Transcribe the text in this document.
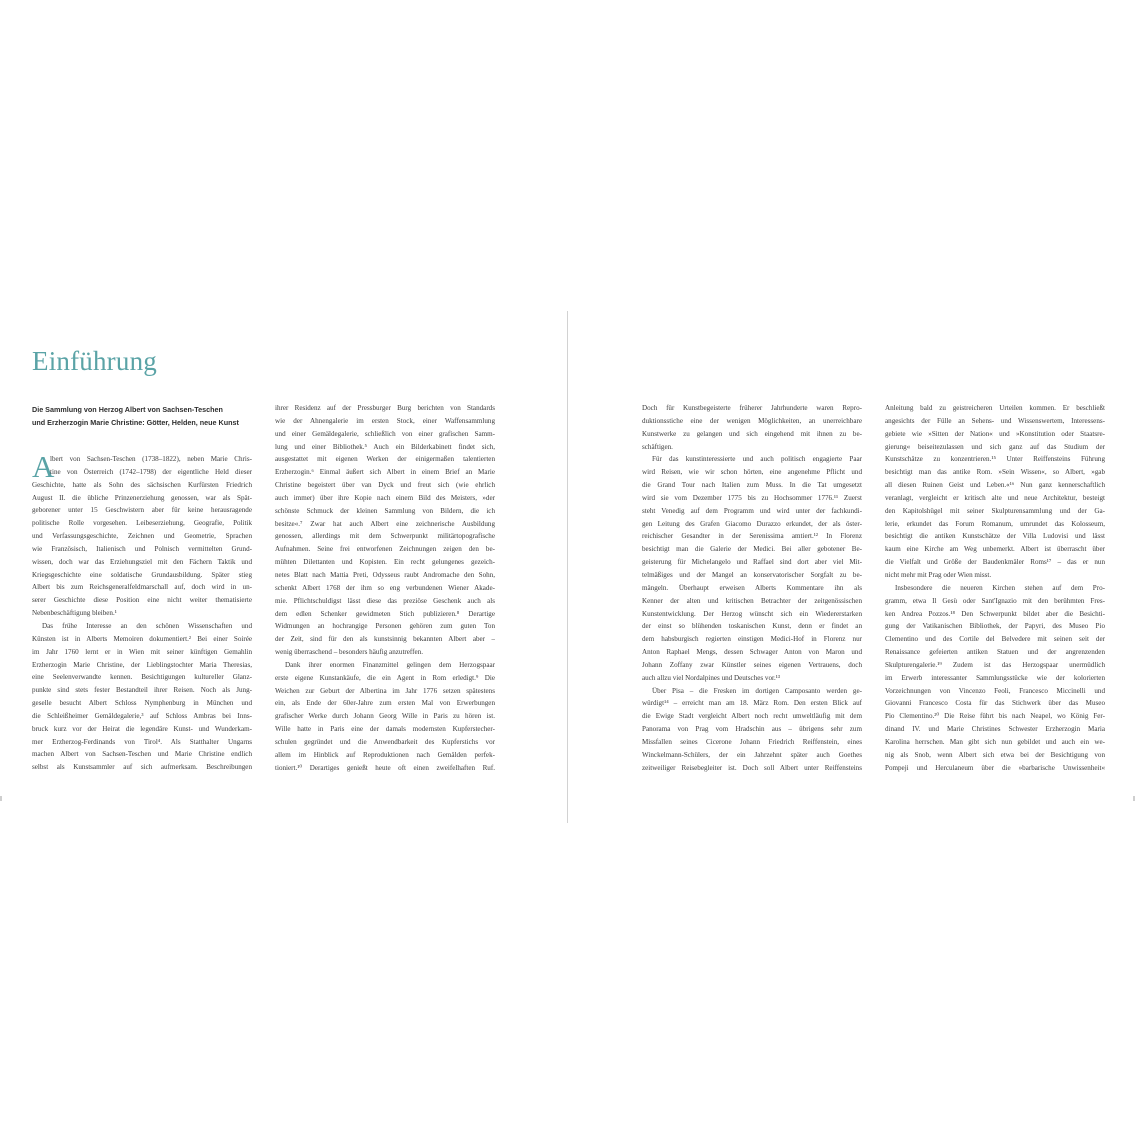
Einführung
Die Sammlung von Herzog Albert von Sachsen-Teschen
und Erzherzogin Marie Christine: Götter, Helden, neue Kunst
A
lbert von Sachsen-Teschen (1738–1822), neben Marie Chris-
tine von Österreich (1742–1798) der eigentliche Held dieser
Geschichte, hatte als Sohn des sächsischen Kurfürsten Friedrich
August II. die übliche Prinzenerziehung genossen, war als Spät-
geborener unter 15 Geschwistern aber für keine herausragende
politische Rolle vorgesehen. Leibeserziehung, Geografie, Politik
und Verfassungsgeschichte, Zeichnen und Geometrie, Sprachen
wie Französisch, Italienisch und Polnisch vermittelten Grund-
wissen, doch war das Erziehungsziel mit den Fächern Taktik und
Kriegsgeschichte eine soldatische Grundausbildung. Später stieg
Albert bis zum Reichsgeneralfeldmarschall auf, doch wird in un-
serer Geschichte diese Position eine nicht weiter thematisierte
Nebenbeschäftigung bleiben.¹
Das frühe Interesse an den schönen Wissenschaften und
Künsten ist in Alberts Memoiren dokumentiert.² Bei einer Soirée
im Jahr 1760 lernt er in Wien mit seiner künftigen Gemahlin
Erzherzogin Marie Christine, der Lieblingstochter Maria Theresias,
eine Seelenverwandte kennen. Besichtigungen kultureller Glanz-
punkte sind stets fester Bestandteil ihrer Reisen. Noch als Jung-
geselle besucht Albert Schloss Nymphenburg in München und
die Schleißheimer Gemäldegalerie,³ auf Schloss Ambras bei Inns-
bruck kurz vor der Heirat die legendäre Kunst- und Wunderkam-
mer Erzherzog-Ferdinands von Tirol⁴. Als Statthalter Ungarns
machen Albert von Sachsen-Teschen und Marie Christine endlich
selbst als Kunstsammler auf sich aufmerksam. Beschreibungen
ihrer Residenz auf der Pressburger Burg berichten von Standards
wie der Ahnengalerie im ersten Stock, einer Waffensammlung
und einer Gemäldegalerie, schließlich von einer grafischen Samm-
lung und einer Bibliothek.⁵ Auch ein Bilderkabinett findet sich,
ausgestattet mit eigenen Werken der einigermaßen talentierten
Erzherzogin.⁶ Einmal äußert sich Albert in einem Brief an Marie
Christine begeistert über van Dyck und freut sich (wie ehrlich
auch immer) über ihre Kopie nach einem Bild des Meisters, »der
schönste Schmuck der kleinen Sammlung von Bildern, die ich
besitze«.⁷ Zwar hat auch Albert eine zeichnerische Ausbildung
genossen, allerdings mit dem Schwerpunkt militärtopografische
Aufnahmen. Seine frei entworfenen Zeichnungen zeigen den be-
mühten Dilettanten und Kopisten. Ein recht gelungenes gezeich-
netes Blatt nach Mattia Preti, Odysseus raubt Andromache den Sohn,
schenkt Albert 1768 der ihm so eng verbundenen Wiener Akade-
mie. Pflichtschuldigst lässt diese das preziöse Geschenk auch als
dem edlen Schenker gewidmeten Stich publizieren.⁸ Derartige
Widmungen an hochrangige Personen gehören zum guten Ton
der Zeit, sind für den als kunstsinnig bekannten Albert aber –
wenig überraschend – besonders häufig anzutreffen.
Dank ihrer enormen Finanzmittel gelingen dem Herzogspaar
erste eigene Kunstankäufe, die ein Agent in Rom erledigt.⁹ Die
Weichen zur Geburt der Albertina im Jahr 1776 setzen spätestens
ein, als Ende der 60er-Jahre zum ersten Mal von Erwerbungen
grafischer Werke durch Johann Georg Wille in Paris zu hören ist.
Wille hatte in Paris eine der damals modernsten Kupferstecher-
schulen gegründet und die Anwendbarkeit des Kupferstichs vor
allem im Hinblick auf Reproduktionen nach Gemälden perfek-
tioniert.¹⁰ Derartiges genießt heute oft einen zweifelhaften Ruf.
Doch für Kunstbegeisterte früherer Jahrhunderte waren Repro-
duktionsstiche eine der wenigen Möglichkeiten, an unerreichbare
Kunstwerke zu gelangen und sich eingehend mit ihnen zu be-
schäftigen.
Für das kunstinteressierte und auch politisch engagierte Paar
wird Reisen, wie wir schon hörten, eine angenehme Pflicht und
die Grand Tour nach Italien zum Muss. In die Tat umgesetzt
wird sie vom Dezember 1775 bis zu Hochsommer 1776.¹¹ Zuerst
steht Venedig auf dem Programm und wird unter der fachkundi-
gen Leitung des Grafen Giacomo Durazzo erkundet, der als öster-
reichischer Gesandter in der Serenissima amtiert.¹² In Florenz
besichtigt man die Galerie der Medici. Bei aller gebotener Be-
geisterung für Michelangelo und Raffael sind dort aber viel Mit-
telmäßiges und der Mangel an konservatorischer Sorgfalt zu be-
mängeln. Überhaupt erweisen Alberts Kommentare ihn als
Kenner der alten und kritischen Betrachter der zeitgenössischen
Kunstentwicklung. Der Herzog wünscht sich ein Wiedererstarken
der einst so blühenden toskanischen Kunst, denn er findet an
dem habsburgisch regierten einstigen Medici-Hof in Florenz nur
Anton Raphael Mengs, dessen Schwager Anton von Maron und
Johann Zoffany zwar Künstler seines eigenen Vertrauens, doch
auch allzu viel Nordalpines und Deutsches vor.¹³
Über Pisa – die Fresken im dortigen Camposanto werden ge-
würdigt¹⁴ – erreicht man am 18. März Rom. Den ersten Blick auf
die Ewige Stadt vergleicht Albert noch recht umweltläufig mit dem
Panorama von Prag vom Hradschin aus – übrigens sehr zum
Missfallen seines Cicerone Johann Friedrich Reiffenstein, eines
Winckelmann-Schülers, der ein Jahrzehnt später auch Goethes
zeitweiliger Reisebegleiter ist. Doch soll Albert unter Reiffensteins
Anleitung bald zu geistreicheren Urteilen kommen. Er beschließt
angesichts der Fülle an Sehens- und Wissenswertem, Interessens-
gebiete wie »Sitten der Nation« und »Konstitution oder Staatsre-
gierung« beiseitezulassen und sich ganz auf das Studium der
Kunstschätze zu konzentrieren.¹⁵ Unter Reiffensteins Führung
besichtigt man das antike Rom. »Sein Wissen«, so Albert, »gab
all diesen Ruinen Geist und Leben.«¹⁶ Nun ganz kennerschaftlich
veranlagt, vergleicht er kritisch alte und neue Architektur, besteigt
den Kapitolshügel mit seiner Skulpturensammlung und der Ga-
lerie, erkundet das Forum Romanum, umrundet das Kolosseum,
besichtigt die antiken Kunstschätze der Villa Ludovisi und lässt
kaum eine Kirche am Weg unbemerkt. Albert ist überrascht über
die Vielfalt und Größe der Baudenkmäler Roms¹⁷ – das er nun
nicht mehr mit Prag oder Wien misst.
Insbesondere die neueren Kirchen stehen auf dem Pro-
gramm, etwa Il Gesù oder Sant'Ignazio mit den berühmten Fres-
ken Andrea Pozzos.¹⁸ Den Schwerpunkt bildet aber die Besichti-
gung der Vatikanischen Bibliothek, der Papyri, des Museo Pio
Clementino und des Cortile del Belvedere mit seinen seit der
Renaissance gefeierten antiken Statuen und der angrenzenden
Skulpturengalerie.¹⁹ Zudem ist das Herzogspaar unermüdlich
im Erwerb interessanter Sammlungsstücke wie der kolorierten
Vorzeichnungen von Vincenzo Feoli, Francesco Miccinelli und
Giovanni Francesco Costa für das Stichwerk über das Museo
Pio Clementino.²⁰ Die Reise führt bis nach Neapel, wo König Fer-
dinand IV. und Marie Christines Schwester Erzherzogin Maria
Karolina herrschen. Man gibt sich nun gebildet und auch ein we-
nig als Snob, wenn Albert sich etwa bei der Besichtigung von
Pompeji und Herculaneum über die »barbarische Unwissenheit«
